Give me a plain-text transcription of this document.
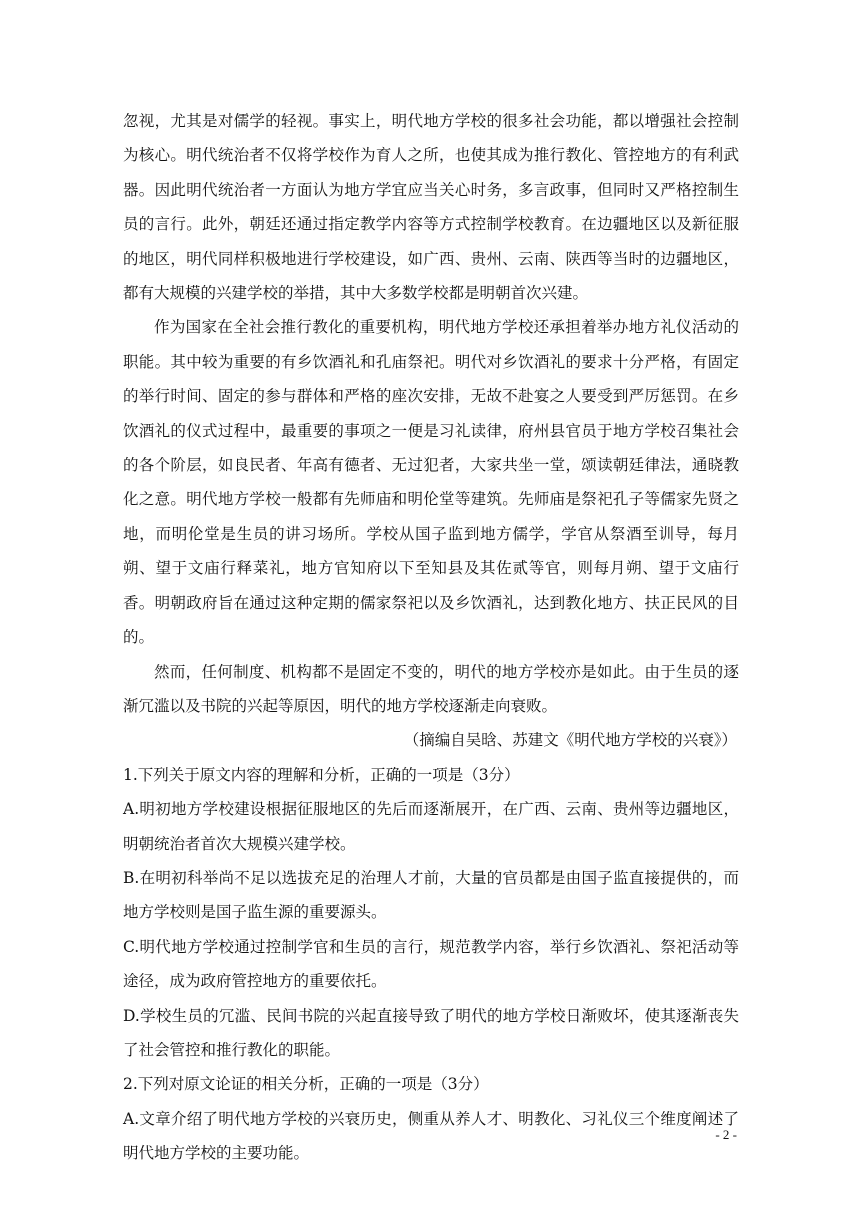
忽视，尤其是对儒学的轻视。事实上，明代地方学校的很多社会功能，都以增强社会控制为核心。明代统治者不仅将学校作为育人之所，也使其成为推行教化、管控地方的有利武器。因此明代统治者一方面认为地方学宜应当关心时务，多言政事，但同时又严格控制生员的言行。此外，朝廷还通过指定教学内容等方式控制学校教育。在边疆地区以及新征服的地区，明代同样积极地进行学校建设，如广西、贵州、云南、陕西等当时的边疆地区，都有大规模的兴建学校的举措，其中大多数学校都是明朝首次兴建。

作为国家在全社会推行教化的重要机构，明代地方学校还承担着举办地方礼仪活动的职能。其中较为重要的有乡饮酒礼和孔庙祭祀。明代对乡饮酒礼的要求十分严格，有固定的举行时间、固定的参与群体和严格的座次安排，无故不赴宴之人要受到严厉惩罚。在乡饮酒礼的仪式过程中，最重要的事项之一便是习礼读律，府州县官员于地方学校召集社会的各个阶层，如良民者、年高有德者、无过犯者，大家共坐一堂，颂读朝廷律法，通晓教化之意。明代地方学校一般都有先师庙和明伦堂等建筑。先师庙是祭祀孔子等儒家先贤之地，而明伦堂是生员的讲习场所。学校从国子监到地方儒学，学官从祭酒至训导，每月朔、望于文庙行释菜礼，地方官知府以下至知县及其佐贰等官，则每月朔、望于文庙行香。明朝政府旨在通过这种定期的儒家祭祀以及乡饮酒礼，达到教化地方、扶正民风的目的。

然而，任何制度、机构都不是固定不变的，明代的地方学校亦是如此。由于生员的逐渐冗滥以及书院的兴起等原因，明代的地方学校逐渐走向衰败。

（摘编自吴晗、苏建文《明代地方学校的兴衰》）

1.下列关于原文内容的理解和分析，正确的一项是（3分）

A.明初地方学校建设根据征服地区的先后而逐渐展开，在广西、云南、贵州等边疆地区，明朝统治者首次大规模兴建学校。

B.在明初科举尚不足以选拔充足的治理人才前，大量的官员都是由国子监直接提供的，而地方学校则是国子监生源的重要源头。

C.明代地方学校通过控制学官和生员的言行，规范教学内容，举行乡饮酒礼、祭祀活动等途径，成为政府管控地方的重要依托。

D.学校生员的冗滥、民间书院的兴起直接导致了明代的地方学校日渐败坏，使其逐渐丧失了社会管控和推行教化的职能。

2.下列对原文论证的相关分析，正确的一项是（3分）

A.文章介绍了明代地方学校的兴衰历史，侧重从养人才、明教化、习礼仪三个维度阐述了明代地方学校的主要功能。

- 2 -
